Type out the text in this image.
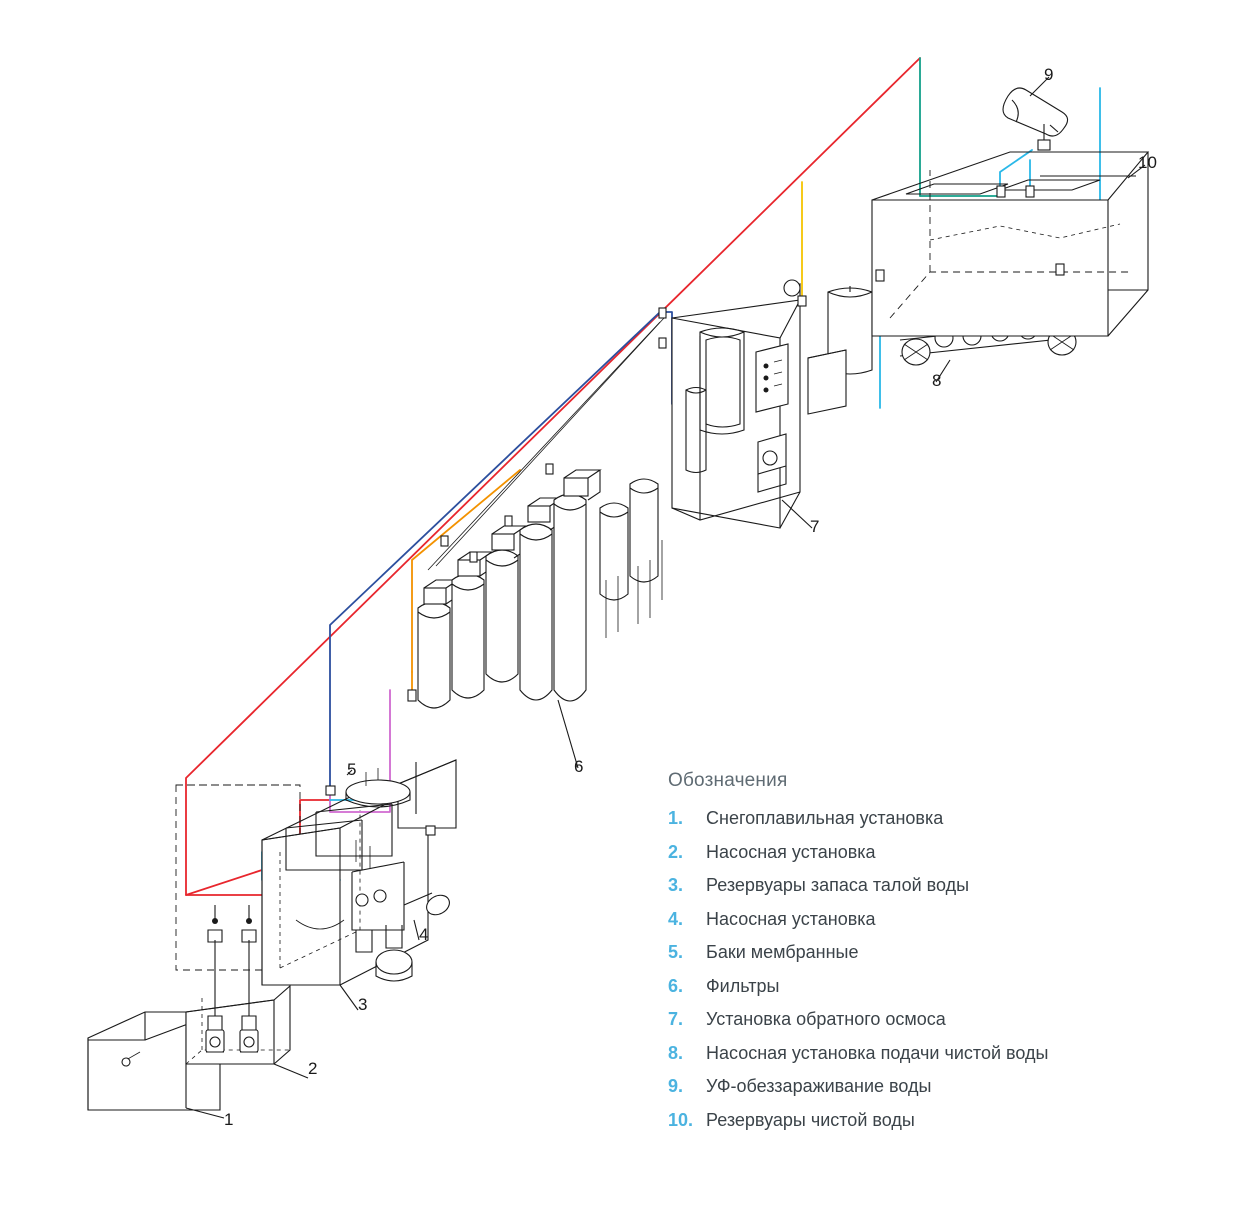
1
2
3
4
5	6
7
8
9
10
Обозначения
1.	Снегоплавильная установка
2.	Насосная установка
3.	Резервуары запаса талой воды
4.	Насосная установка
5.	Баки мембранные
6.	Фильтры
7.	Установка обратного осмоса
8.	Насосная установка подачи чистой воды
9.	УФ-обеззараживание воды
10. Резервуары чистой воды
